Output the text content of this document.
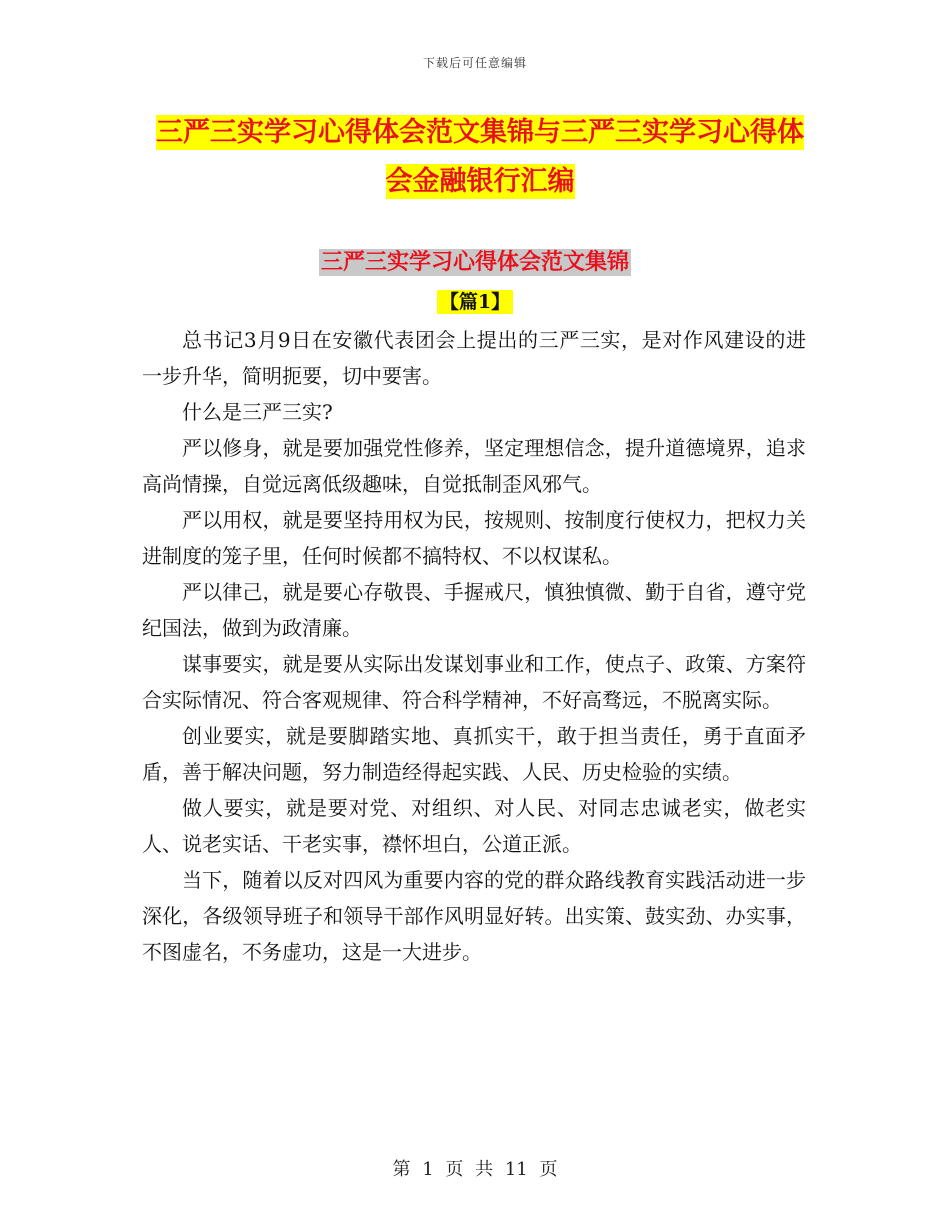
下载后可任意编辑
三严三实学习心得体会范文集锦与三严三实学习心得体会金融银行汇编
三严三实学习心得体会范文集锦
【篇1】

总书记3月9日在安徽代表团会上提出的三严三实，是对作风建设的进一步升华，简明扼要，切中要害。

什么是三严三实?

严以修身，就是要加强党性修养，坚定理想信念，提升道德境界，追求高尚情操，自觉远离低级趣味，自觉抵制歪风邪气。

严以用权，就是要坚持用权为民，按规则、按制度行使权力，把权力关进制度的笼子里，任何时候都不搞特权、不以权谋私。

严以律己，就是要心存敬畏、手握戒尺，慎独慎微、勤于自省，遵守党纪国法，做到为政清廉。

谋事要实，就是要从实际出发谋划事业和工作，使点子、政策、方案符合实际情况、符合客观规律、符合科学精神，不好高骛远，不脱离实际。

创业要实，就是要脚踏实地、真抓实干，敢于担当责任，勇于直面矛盾，善于解决问题，努力制造经得起实践、人民、历史检验的实绩。

做人要实，就是要对党、对组织、对人民、对同志忠诚老实，做老实人、说老实话、干老实事，襟怀坦白，公道正派。

当下，随着以反对四风为重要内容的党的群众路线教育实践活动进一步深化，各级领导班子和领导干部作风明显好转。出实策、鼓实劲、办实事，不图虚名，不务虚功，这是一大进步。

第 1 页 共 11 页
